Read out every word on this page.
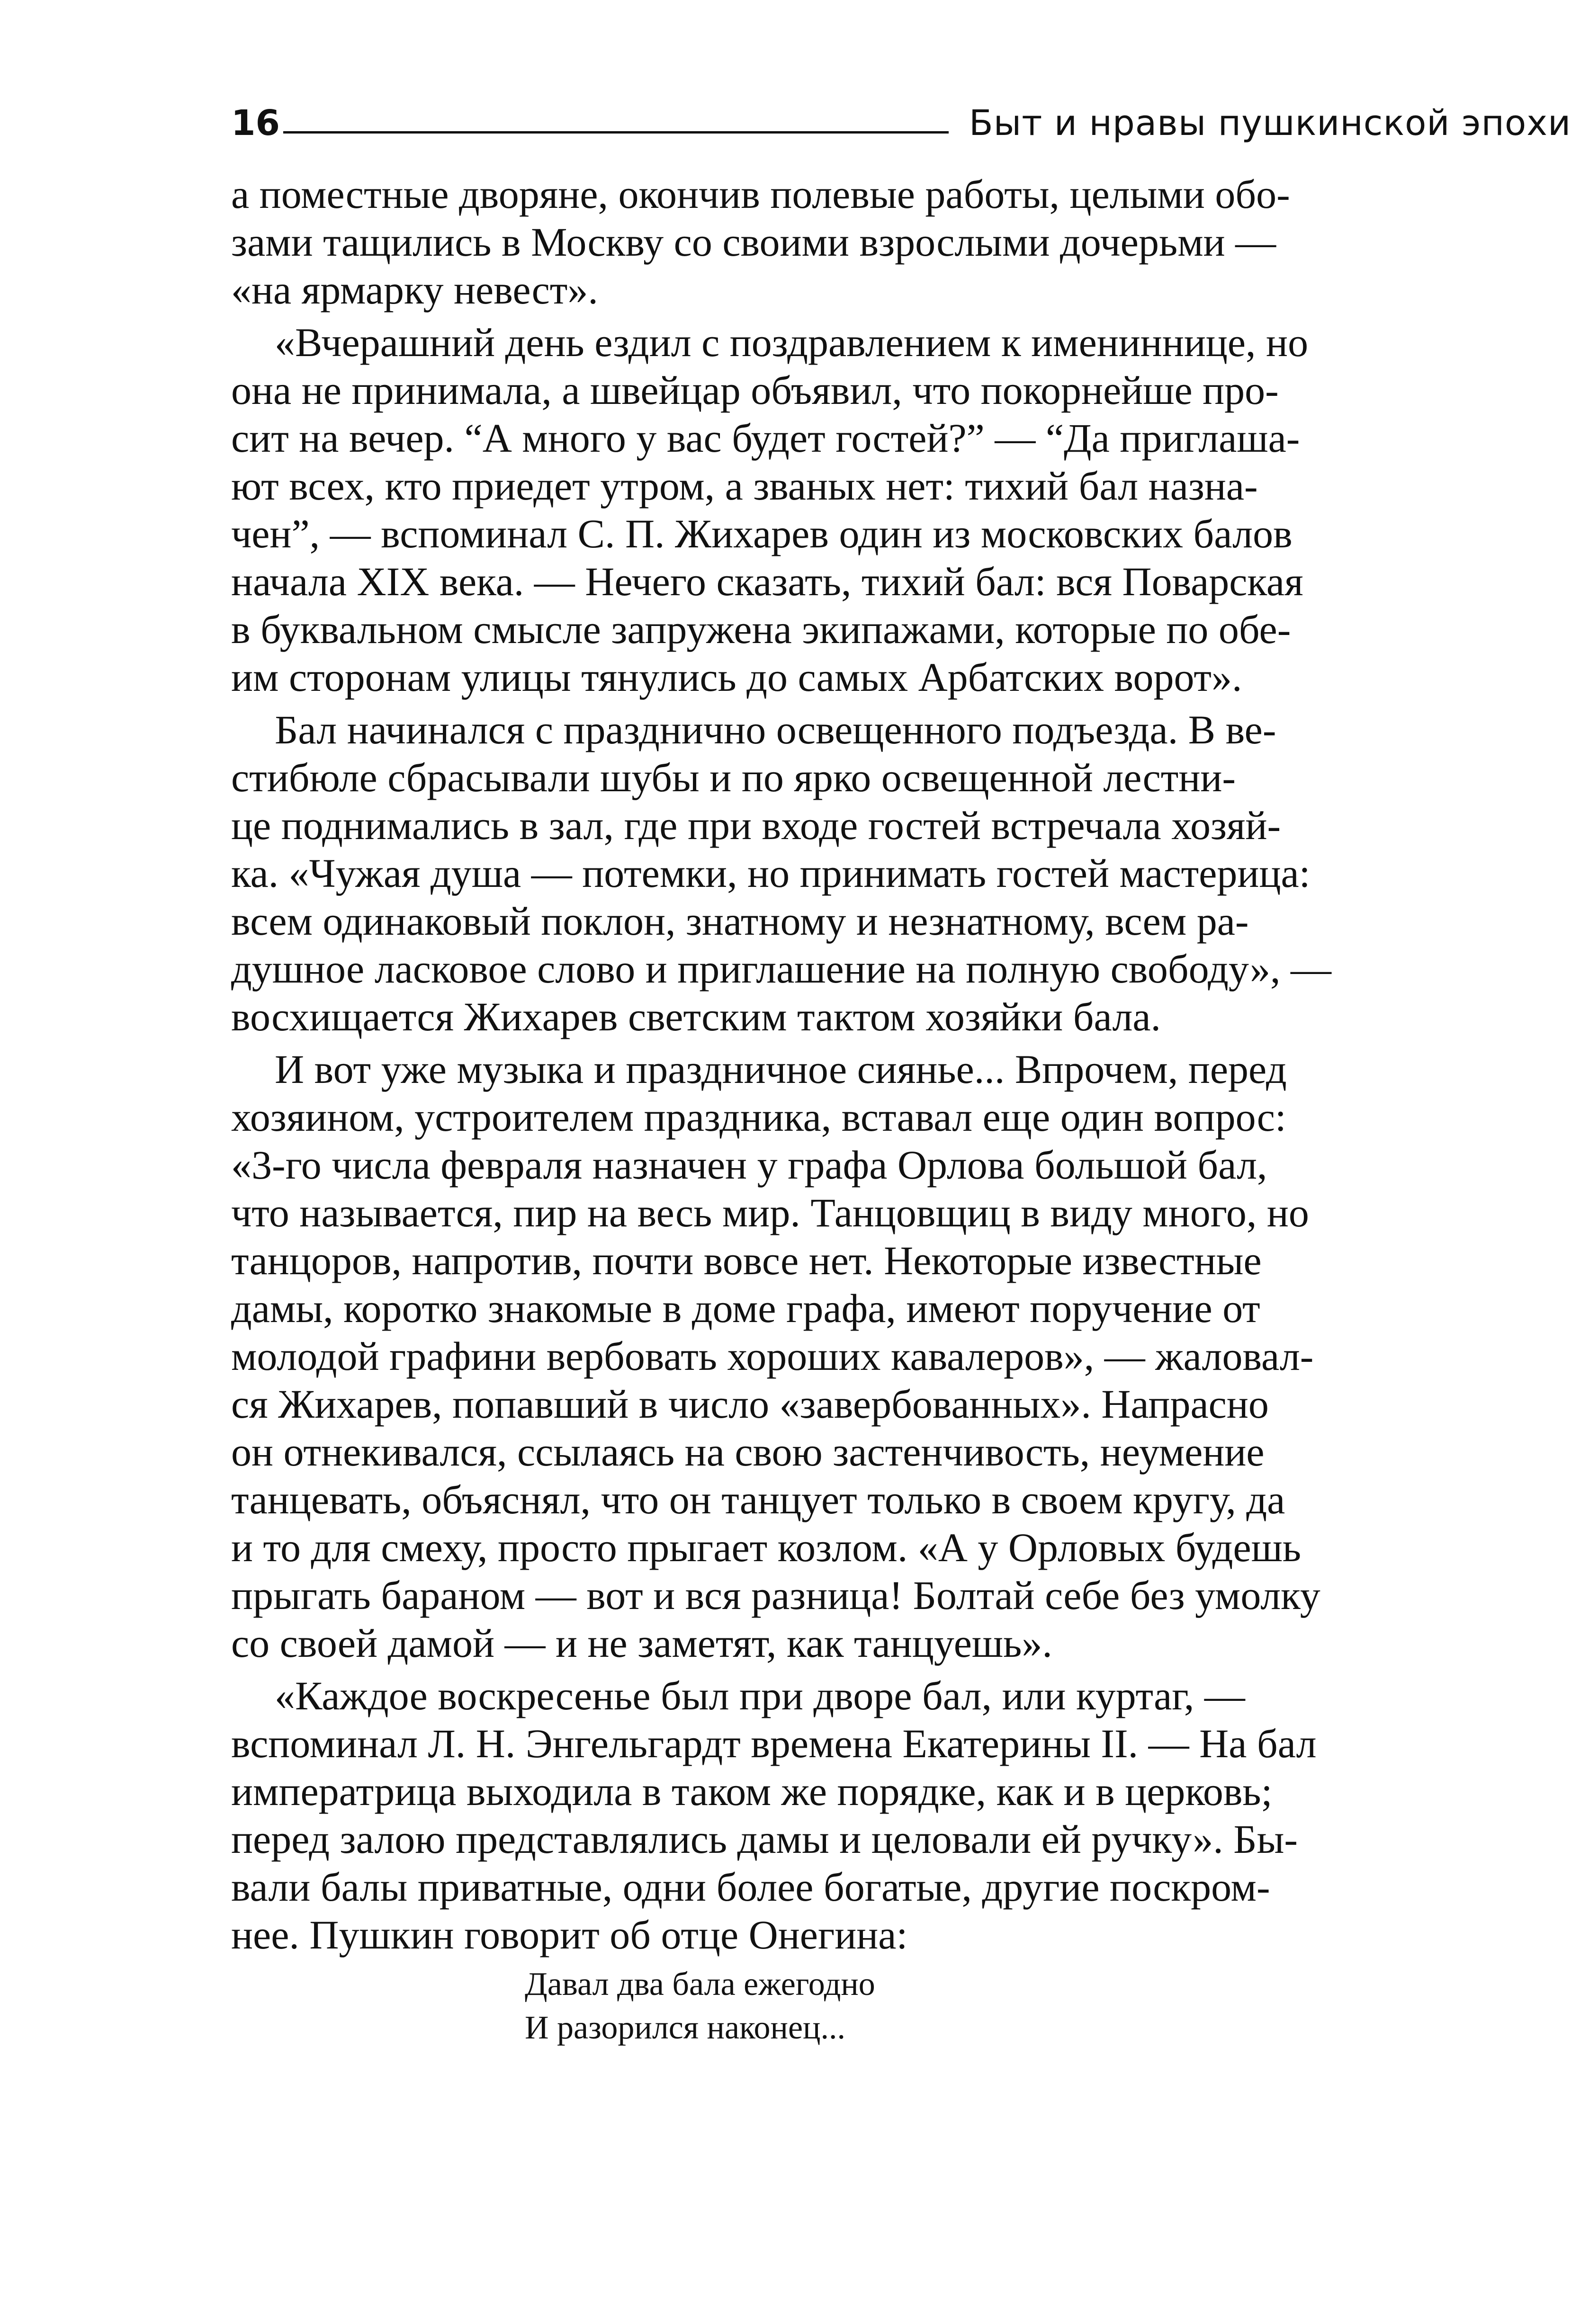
16	Быт и нравы пушкинской эпохи

а поместные дворяне, окончив полевые работы, целыми обо-
зами тащились в Москву со своими взрослыми дочерьми —
«на ярмарку невест».

«Вчерашний день ездил с поздравлением к имениннице, но
она не принимала, а швейцар объявил, что покорнейше про-
сит на вечер. “А много у вас будет гостей?” — “Да приглаша-
ют всех, кто приедет утром, а званых нет: тихий бал назна-
чен”, — вспоминал С. П. Жихарев один из московских балов
начала XIX века. — Нечего сказать, тихий бал: вся Поварская
в буквальном смысле запружена экипажами, которые по обе-
им сторонам улицы тянулись до самых Арбатских ворот».

Бал начинался с празднично освещенного подъезда. В ве-
стибюле сбрасывали шубы и по ярко освещенной лестни-
це поднимались в зал, где при входе гостей встречала хозяй-
ка. «Чужая душа — потемки, но принимать гостей мастерица:
всем одинаковый поклон, знатному и незнатному, всем ра-
душное ласковое слово и приглашение на полную свободу», —
восхищается Жихарев светским тактом хозяйки бала.

И вот уже музыка и праздничное сиянье... Впрочем, перед
хозяином, устроителем праздника, вставал еще один вопрос:
«3-го числа февраля назначен у графа Орлова большой бал,
что называется, пир на весь мир. Танцовщиц в виду много, но
танцоров, напротив, почти вовсе нет. Некоторые известные
дамы, коротко знакомые в доме графа, имеют поручение от
молодой графини вербовать хороших кавалеров», — жаловал-
ся Жихарев, попавший в число «завербованных». Напрасно
он отнекивался, ссылаясь на свою застенчивость, неумение
танцевать, объяснял, что он танцует только в своем кругу, да
и то для смеху, просто прыгает козлом. «А у Орловых будешь
прыгать бараном — вот и вся разница! Болтай себе без умолку
со своей дамой — и не заметят, как танцуешь».

«Каждое воскресенье был при дворе бал, или куртаг, —
вспоминал Л. Н. Энгельгардт времена Екатерины II. — На бал
императрица выходила в таком же порядке, как и в церковь;
перед залою представлялись дамы и целовали ей ручку». Бы-
вали балы приватные, одни более богатые, другие поскром-
нее. Пушкин говорит об отце Онегина:

Давал два бала ежегодно
И разорился наконец...
